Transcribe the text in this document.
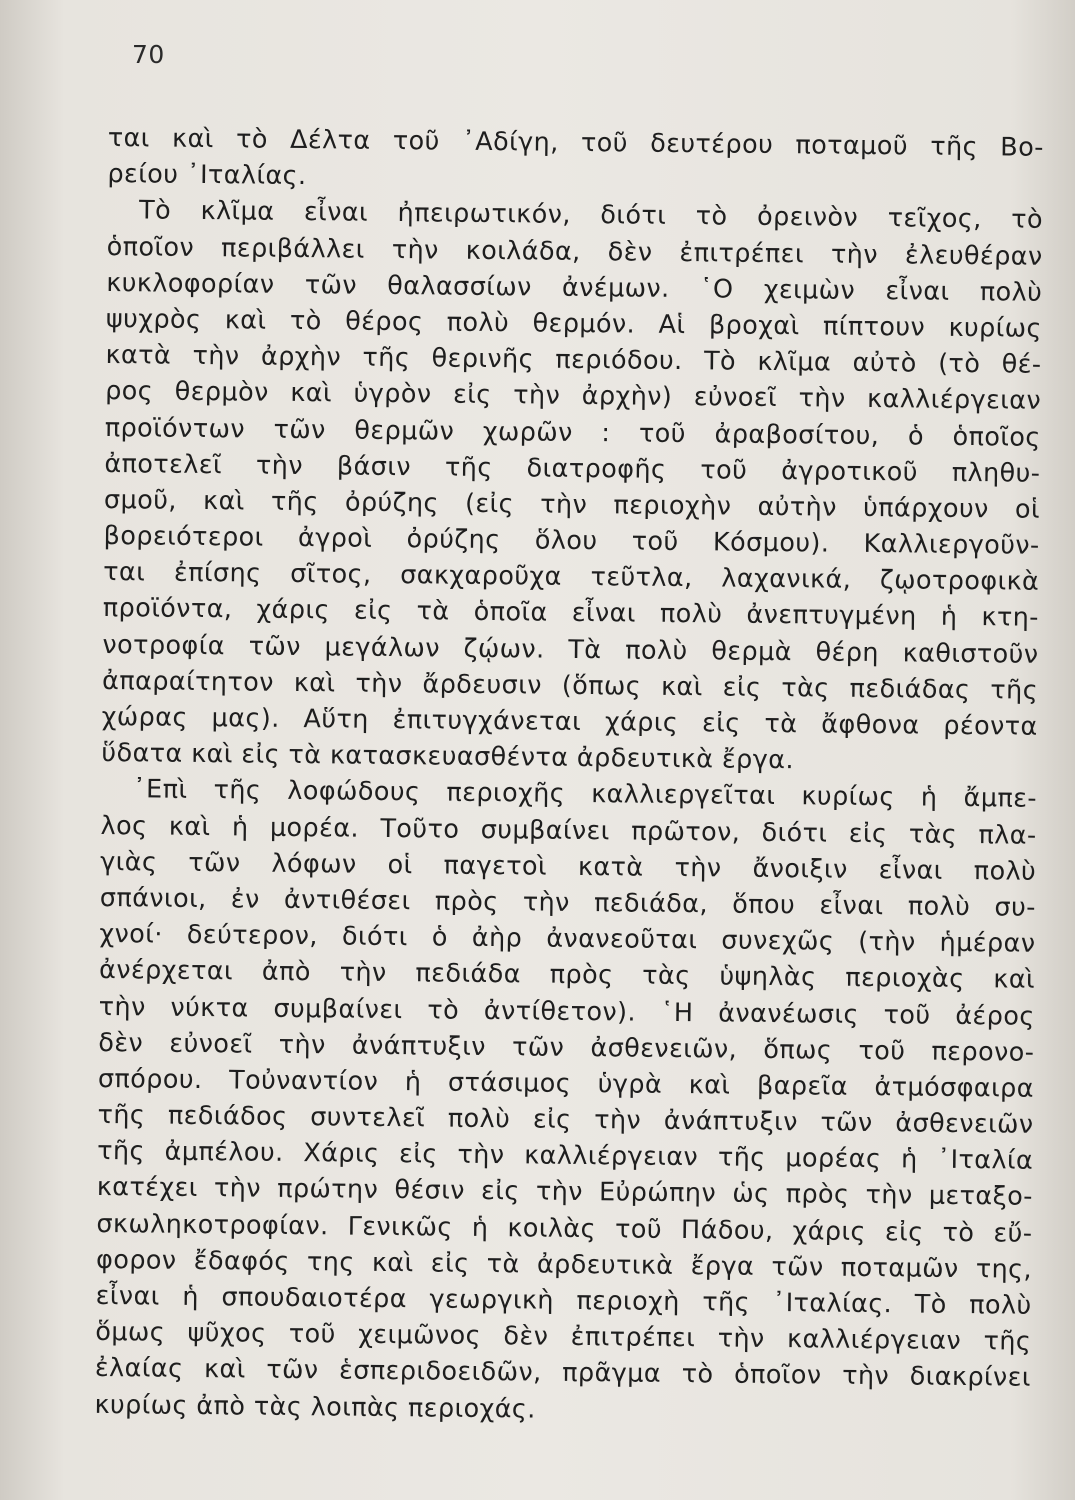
70
ται καὶ τὸ Δέλτα τοῦ ᾿Αδίγη, τοῦ δευτέρου ποταμοῦ τῆς Βο-
ρείου ᾿Ιταλίας.
Τὸ κλῖμα εἶναι ἠπειρωτικόν, διότι τὸ ὀρεινὸν τεῖχος, τὸ
ὁποῖον περιβάλλει τὴν κοιλάδα, δὲν ἐπιτρέπει τὴν ἐλευθέραν
κυκλοφορίαν τῶν θαλασσίων ἀνέμων. ῾Ο χειμὼν εἶναι πολὺ
ψυχρὸς καὶ τὸ θέρος πολὺ θερμόν. Αἱ βροχαὶ πίπτουν κυρίως
κατὰ τὴν ἀρχὴν τῆς θερινῆς περιόδου. Τὸ κλῖμα αὐτὸ (τὸ θέ-
ρος θερμὸν καὶ ὑγρὸν εἰς τὴν ἀρχὴν) εὐνοεῖ τὴν καλλιέργειαν
προϊόντων τῶν θερμῶν χωρῶν : τοῦ ἀραβοσίτου, ὁ ὁποῖος
ἀποτελεῖ τὴν βάσιν τῆς διατροφῆς τοῦ ἀγροτικοῦ πληθυ-
σμοῦ, καὶ τῆς ὀρύζης (εἰς τὴν περιοχὴν αὐτὴν ὑπάρχουν οἱ
βορειότεροι ἀγροὶ ὀρύζης ὅλου τοῦ Κόσμου). Καλλιεργοῦν-
ται ἐπίσης σῖτος, σακχαροῦχα τεῦτλα, λαχανικά, ζῳοτροφικὰ
προϊόντα, χάρις εἰς τὰ ὁποῖα εἶναι πολὺ ἀνεπτυγμένη ἡ κτη-
νοτροφία τῶν μεγάλων ζῴων. Τὰ πολὺ θερμὰ θέρη καθιστοῦν
ἀπαραίτητον καὶ τὴν ἄρδευσιν (ὅπως καὶ εἰς τὰς πεδιάδας τῆς
χώρας μας). Αὕτη ἐπιτυγχάνεται χάρις εἰς τὰ ἄφθονα ρέοντα
ὕδατα καὶ εἰς τὰ κατασκευασθέντα ἀρδευτικὰ ἔργα.
᾿Επὶ τῆς λοφώδους περιοχῆς καλλιεργεῖται κυρίως ἡ ἄμπε-
λος καὶ ἡ μορέα. Τοῦτο συμβαίνει πρῶτον, διότι εἰς τὰς πλα-
γιὰς τῶν λόφων οἱ παγετοὶ κατὰ τὴν ἄνοιξιν εἶναι πολὺ
σπάνιοι, ἐν ἀντιθέσει πρὸς τὴν πεδιάδα, ὅπου εἶναι πολὺ συ-
χνοί· δεύτερον, διότι ὁ ἀὴρ ἀνανεοῦται συνεχῶς (τὴν ἡμέραν
ἀνέρχεται ἀπὸ τὴν πεδιάδα πρὸς τὰς ὑψηλὰς περιοχὰς καὶ
τὴν νύκτα συμβαίνει τὸ ἀντίθετον). ῾Η ἀνανέωσις τοῦ ἀέρος
δὲν εὐνοεῖ τὴν ἀνάπτυξιν τῶν ἀσθενειῶν, ὅπως τοῦ περονο-
σπόρου. Τοὐναντίον ἡ στάσιμος ὑγρὰ καὶ βαρεῖα ἀτμόσφαιρα
τῆς πεδιάδος συντελεῖ πολὺ εἰς τὴν ἀνάπτυξιν τῶν ἀσθενειῶν
τῆς ἀμπέλου. Χάρις εἰς τὴν καλλιέργειαν τῆς μορέας ἡ ᾿Ιταλία
κατέχει τὴν πρώτην θέσιν εἰς τὴν Εὐρώπην ὡς πρὸς τὴν μεταξο-
σκωληκοτροφίαν. Γενικῶς ἡ κοιλὰς τοῦ Πάδου, χάρις εἰς τὸ εὔ-
φορον ἔδαφός της καὶ εἰς τὰ ἀρδευτικὰ ἔργα τῶν ποταμῶν της,
εἶναι ἡ σπουδαιοτέρα γεωργικὴ περιοχὴ τῆς ᾿Ιταλίας. Τὸ πολὺ
ὅμως ψῦχος τοῦ χειμῶνος δὲν ἐπιτρέπει τὴν καλλιέργειαν τῆς
ἐλαίας καὶ τῶν ἑσπεριδοειδῶν, πρᾶγμα τὸ ὁποῖον τὴν διακρίνει
κυρίως ἀπὸ τὰς λοιπὰς περιοχάς.
